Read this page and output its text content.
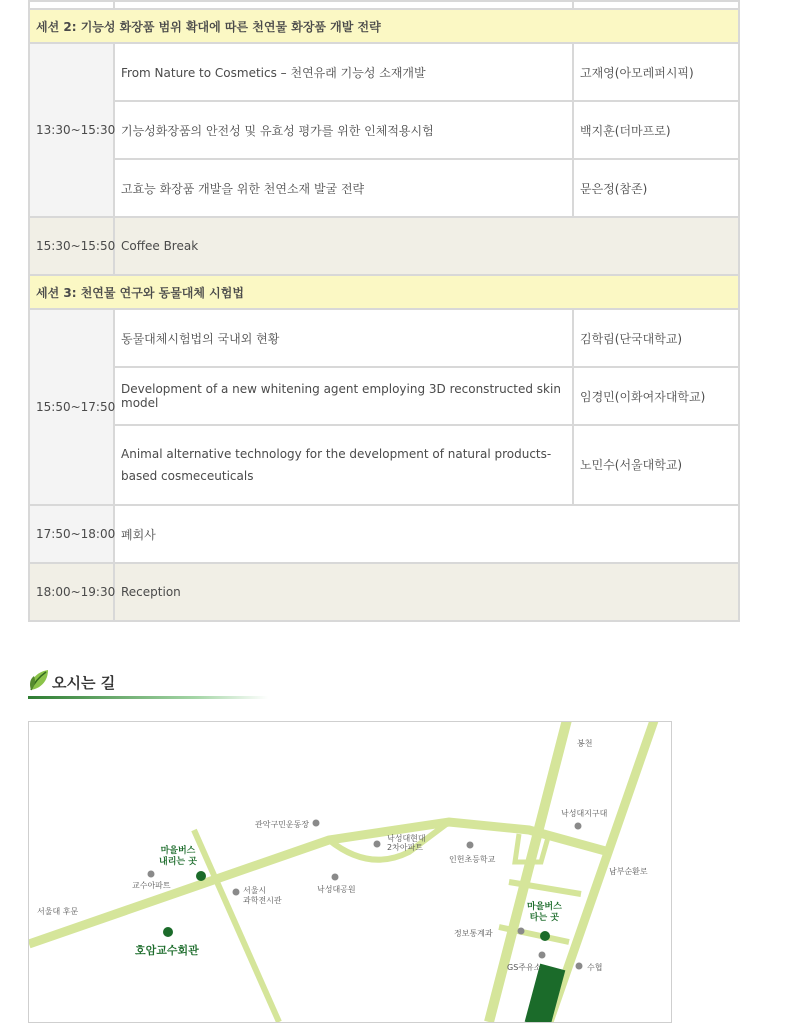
세션 2: 기능성 화장품 범위 확대에 따른 천연물 화장품 개발 전략		
13:30~15:30	From Nature to Cosmetics – 천연유래 기능성 소재개발	고재영(아모레퍼시픽)
	기능성화장품의 안전성 및 유효성 평가를 위한 인체적용시험	백지훈(더마프로)
	고효능 화장품 개발을 위한 천연소재 발굴 전략	문은정(참존)
15:30~15:50	Coffee Break	
세션 3: 천연물 연구와 동물대체 시험법		
15:50~17:50	동물대체시험법의 국내외 현황	김학림(단국대학교)
	Development of a new whitening agent employing 3D reconstructed skin model	임경민(이화여자대학교)
	Animal alternative technology for the development of natural products-based cosmeceuticals	노민수(서울대학교)
17:50~18:00	폐회사	
18:00~19:30	Reception	
오시는 길
봉천
낙성대지구대
관악구민운동장
낙성대현대
2차아파트
인헌초등학교
마을버스
내리는 곳
교수아파트
서울시
과학전시관
낙성대공원
남부순환로
서울대 후문	마을버스
타는 곳
정보통계과
호암교수회관
GS주유소	수협
